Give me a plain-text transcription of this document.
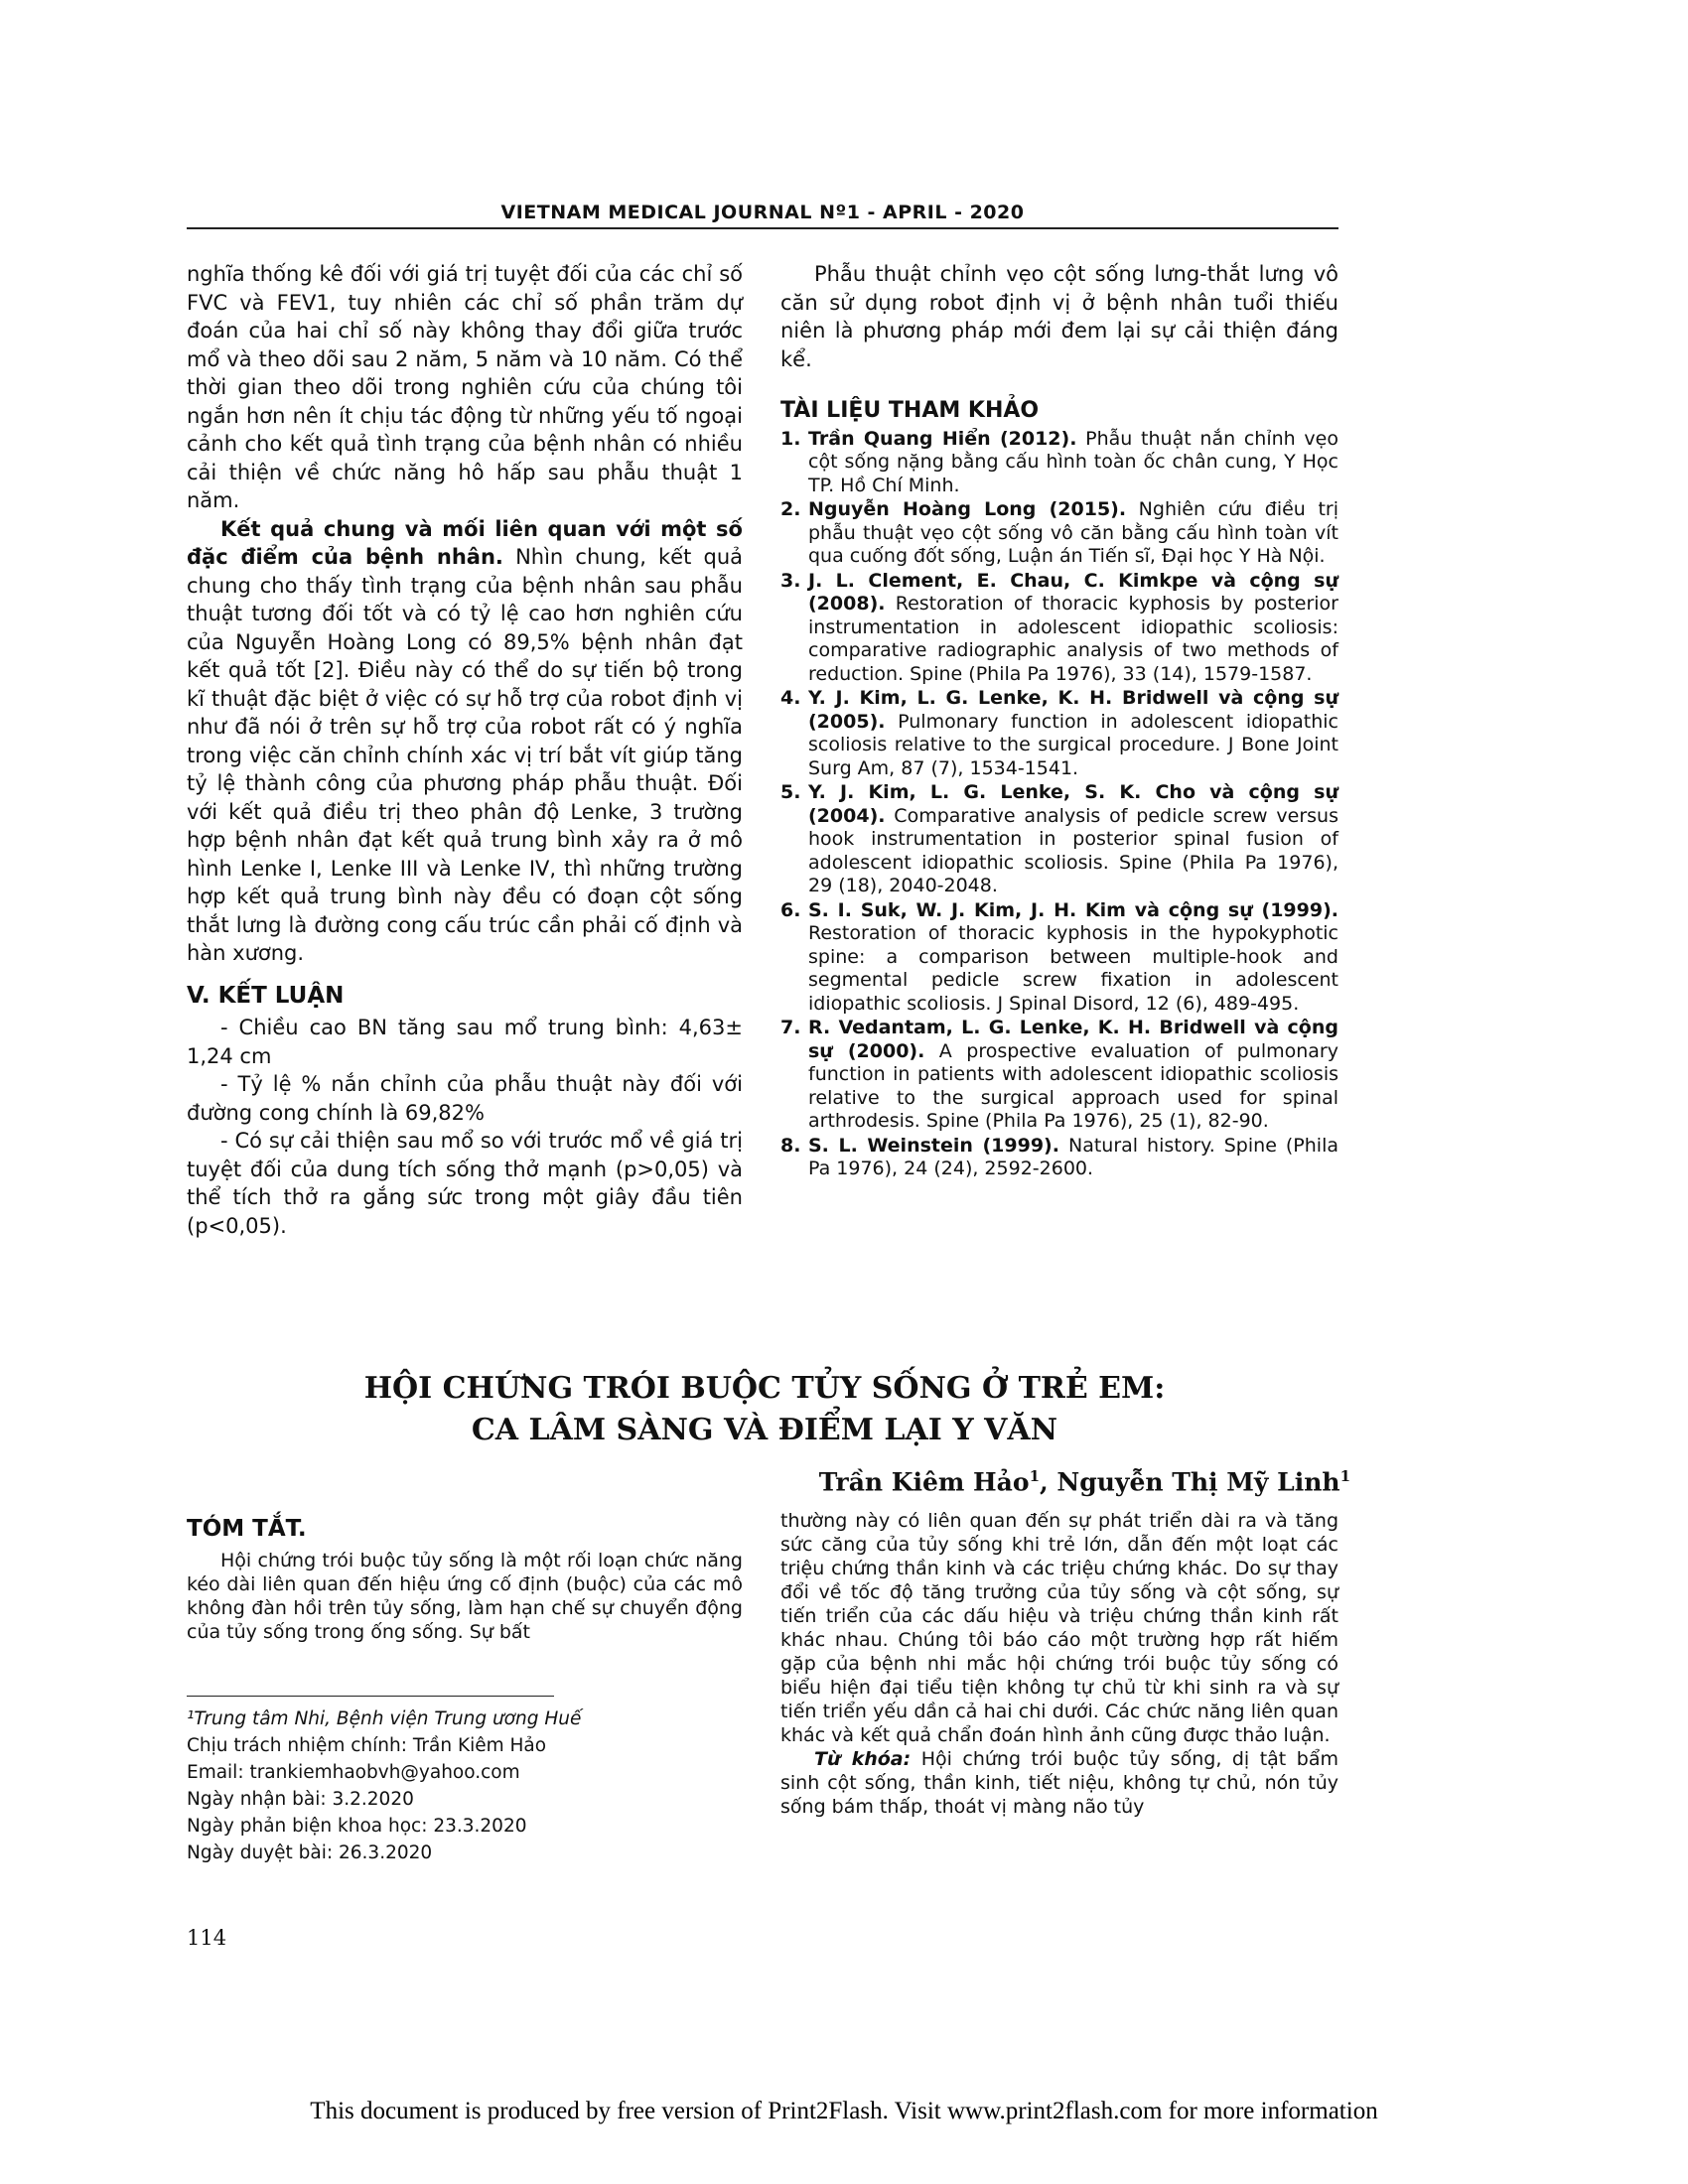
VIETNAM MEDICAL JOURNAL Nº1 - APRIL - 2020

nghĩa thống kê đối với giá trị tuyệt đối của các chỉ số FVC và FEV1, tuy nhiên các chỉ số phần trăm dự đoán của hai chỉ số này không thay đổi giữa trước mổ và theo dõi sau 2 năm, 5 năm và 10 năm. Có thể thời gian theo dõi trong nghiên cứu của chúng tôi ngắn hơn nên ít chịu tác động từ những yếu tố ngoại cảnh cho kết quả tình trạng của bệnh nhân có nhiều cải thiện về chức năng hô hấp sau phẫu thuật 1 năm.

Kết quả chung và mối liên quan với một số đặc điểm của bệnh nhân. Nhìn chung, kết quả chung cho thấy tình trạng của bệnh nhân sau phẫu thuật tương đối tốt và có tỷ lệ cao hơn nghiên cứu của Nguyễn Hoàng Long có 89,5% bệnh nhân đạt kết quả tốt [2]. Điều này có thể do sự tiến bộ trong kĩ thuật đặc biệt ở việc có sự hỗ trợ của robot định vị như đã nói ở trên sự hỗ trợ của robot rất có ý nghĩa trong việc căn chỉnh chính xác vị trí bắt vít giúp tăng tỷ lệ thành công của phương pháp phẫu thuật. Đối với kết quả điều trị theo phân độ Lenke, 3 trường hợp bệnh nhân đạt kết quả trung bình xảy ra ở mô hình Lenke I, Lenke III và Lenke IV, thì những trường hợp kết quả trung bình này đều có đoạn cột sống thắt lưng là đường cong cấu trúc cần phải cố định và hàn xương.

V. KẾT LUẬN

- Chiều cao BN tăng sau mổ trung bình: 4,63± 1,24 cm

- Tỷ lệ % nắn chỉnh của phẫu thuật này đối với đường cong chính là 69,82%

- Có sự cải thiện sau mổ so với trước mổ về giá trị tuyệt đối của dung tích sống thở mạnh (p>0,05) và thể tích thở ra gắng sức trong một giây đầu tiên (p<0,05).

Phẫu thuật chỉnh vẹo cột sống lưng-thắt lưng vô căn sử dụng robot định vị ở bệnh nhân tuổi thiếu niên là phương pháp mới đem lại sự cải thiện đáng kể.

TÀI LIỆU THAM KHẢO
1. Trần Quang Hiển (2012). Phẫu thuật nắn chỉnh vẹo cột sống nặng bằng cấu hình toàn ốc chân cung, Y Học TP. Hồ Chí Minh.
2. Nguyễn Hoàng Long (2015). Nghiên cứu điều trị phẫu thuật vẹo cột sống vô căn bằng cấu hình toàn vít qua cuống đốt sống, Luận án Tiến sĩ, Đại học Y Hà Nội.
3. J. L. Clement, E. Chau, C. Kimkpe và cộng sự (2008). Restoration of thoracic kyphosis by posterior instrumentation in adolescent idiopathic scoliosis: comparative radiographic analysis of two methods of reduction. Spine (Phila Pa 1976), 33 (14), 1579-1587.
4. Y. J. Kim, L. G. Lenke, K. H. Bridwell và cộng sự (2005). Pulmonary function in adolescent idiopathic scoliosis relative to the surgical procedure. J Bone Joint Surg Am, 87 (7), 1534-1541.
5. Y. J. Kim, L. G. Lenke, S. K. Cho và cộng sự (2004). Comparative analysis of pedicle screw versus hook instrumentation in posterior spinal fusion of adolescent idiopathic scoliosis. Spine (Phila Pa 1976), 29 (18), 2040-2048.
6. S. I. Suk, W. J. Kim, J. H. Kim và cộng sự (1999). Restoration of thoracic kyphosis in the hypokyphotic spine: a comparison between multiple-hook and segmental pedicle screw fixation in adolescent idiopathic scoliosis. J Spinal Disord, 12 (6), 489-495.
7. R. Vedantam, L. G. Lenke, K. H. Bridwell và cộng sự (2000). A prospective evaluation of pulmonary function in patients with adolescent idiopathic scoliosis relative to the surgical approach used for spinal arthrodesis. Spine (Phila Pa 1976), 25 (1), 82-90.
8. S. L. Weinstein (1999). Natural history. Spine (Phila Pa 1976), 24 (24), 2592-2600.
HỘI CHỨNG TRÓI BUỘC TỦY SỐNG Ở TRẺ EM:
CA LÂM SÀNG VÀ ĐIỂM LẠI Y VĂN
Trần Kiêm Hảo$^1$, Nguyễn Thị Mỹ Linh$^1$
TÓM TẮT.

Hội chứng trói buộc tủy sống là một rối loạn chức năng kéo dài liên quan đến hiệu ứng cố định (buộc) của các mô không đàn hồi trên tủy sống, làm hạn chế sự chuyển động của tủy sống trong ống sống. Sự bất

thường này có liên quan đến sự phát triển dài ra và tăng sức căng của tủy sống khi trẻ lớn, dẫn đến một loạt các triệu chứng thần kinh và các triệu chứng khác. Do sự thay đổi về tốc độ tăng trưởng của tủy sống và cột sống, sự tiến triển của các dấu hiệu và triệu chứng thần kinh rất khác nhau. Chúng tôi báo cáo một trường hợp rất hiếm gặp của bệnh nhi mắc hội chứng trói buộc tủy sống có biểu hiện đại tiểu tiện không tự chủ từ khi sinh ra và sự tiến triển yếu dần cả hai chi dưới. Các chức năng liên quan khác và kết quả chẩn đoán hình ảnh cũng được thảo luận.

Từ khóa: Hội chứng trói buộc tủy sống, dị tật bẩm sinh cột sống, thần kinh, tiết niệu, không tự chủ, nón tủy sống bám thấp, thoát vị màng não tủy

¹Trung tâm Nhi, Bệnh viện Trung ương Huế
Chịu trách nhiệm chính: Trần Kiêm Hảo
Email: trankiemhaobvh@yahoo.com
Ngày nhận bài: 3.2.2020
Ngày phản biện khoa học: 23.3.2020
Ngày duyệt bài: 26.3.2020
114
This document is produced by free version of Print2Flash. Visit www.print2flash.com for more information
